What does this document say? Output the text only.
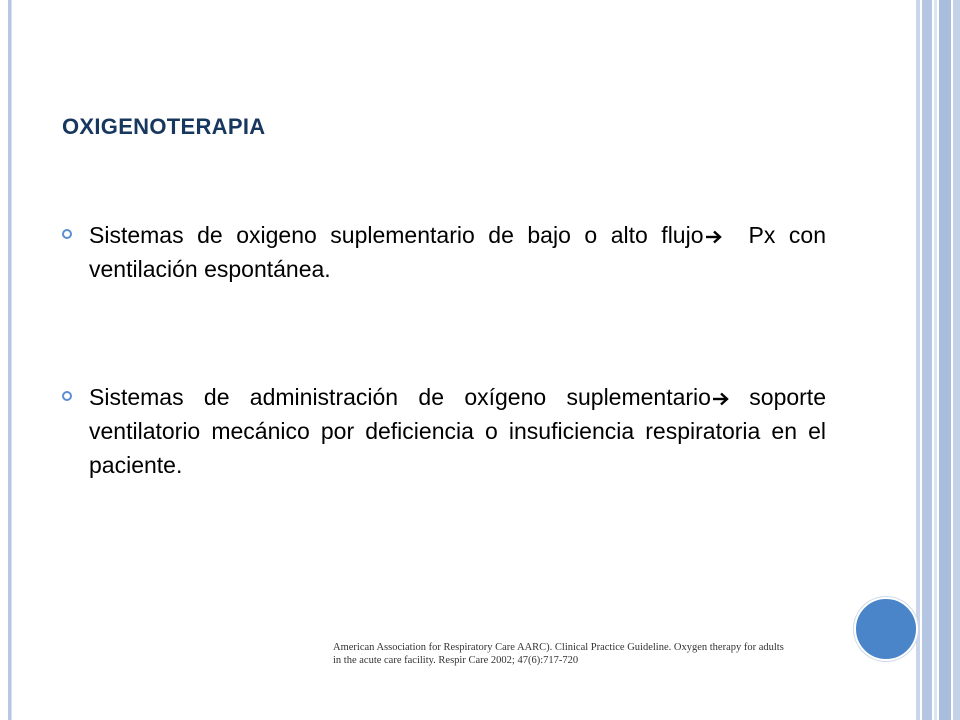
OXIGENOTERAPIA
Sistemas de oxigeno suplementario de bajo o alto flujo
Px con ventilación espontánea.
Sistemas de administración de oxígeno suplementario
soporte ventilatorio mecánico por deficiencia o insuficiencia respiratoria en el paciente.

American Association for Respiratory Care AARC). Clinical Practice Guideline. Oxygen therapy for adults in the acute care facility. Respir Care 2002; 47(6):717-720
